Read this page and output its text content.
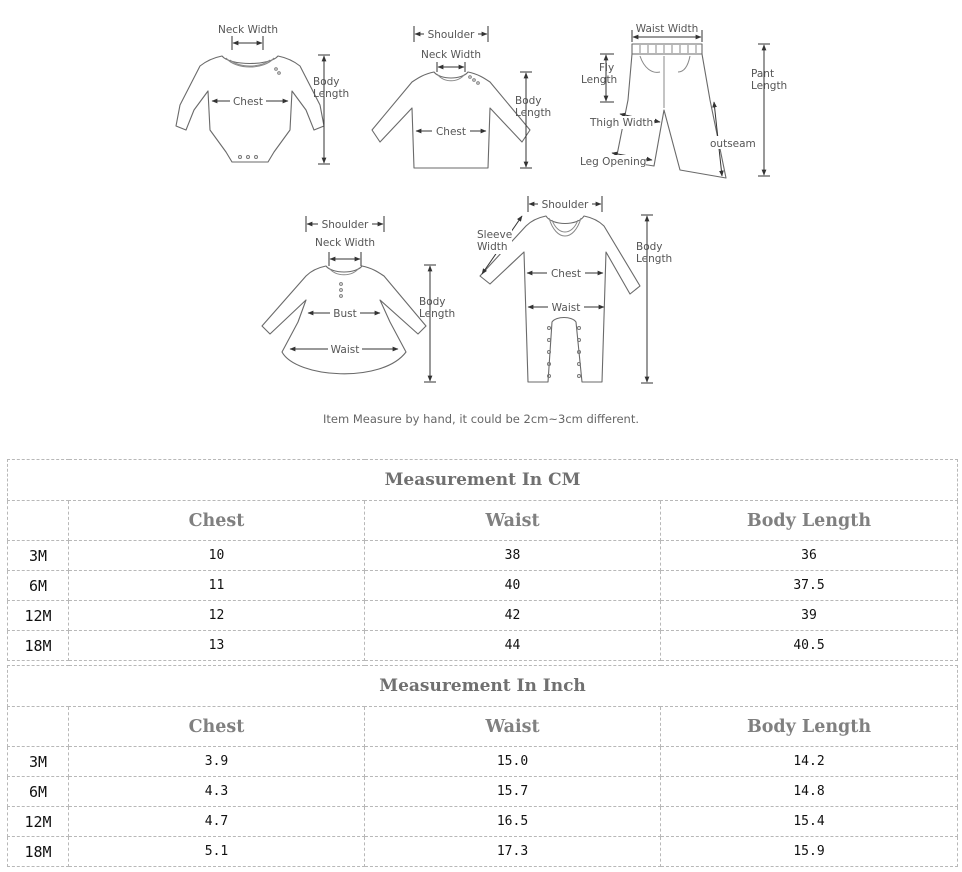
Neck Width
Body
Length
Chest
Shoulder
Neck Width
Body
Length
Chest
Waist Width
Fly
Length	Pant
Length
Thigh Width
outseam
Leg Opening
Shoulder
Neck Width
Body
Length
Bust
Waist
Shoulder
Sleeve
Width	Body
Length
Chest
Waist
Item Measure by hand, it could be 2cm~3cm different.
Measurement In CM			
	Chest	Waist	Body Length
3M	10	38	36
6M	11	40	37.5
12M	12	42	39
18M	13	44	40.5
Measurement In Inch			
	Chest	Waist	Body Length
3M	3.9	15.0	14.2
6M	4.3	15.7	14.8
12M	4.7	16.5	15.4
18M	5.1	17.3	15.9
